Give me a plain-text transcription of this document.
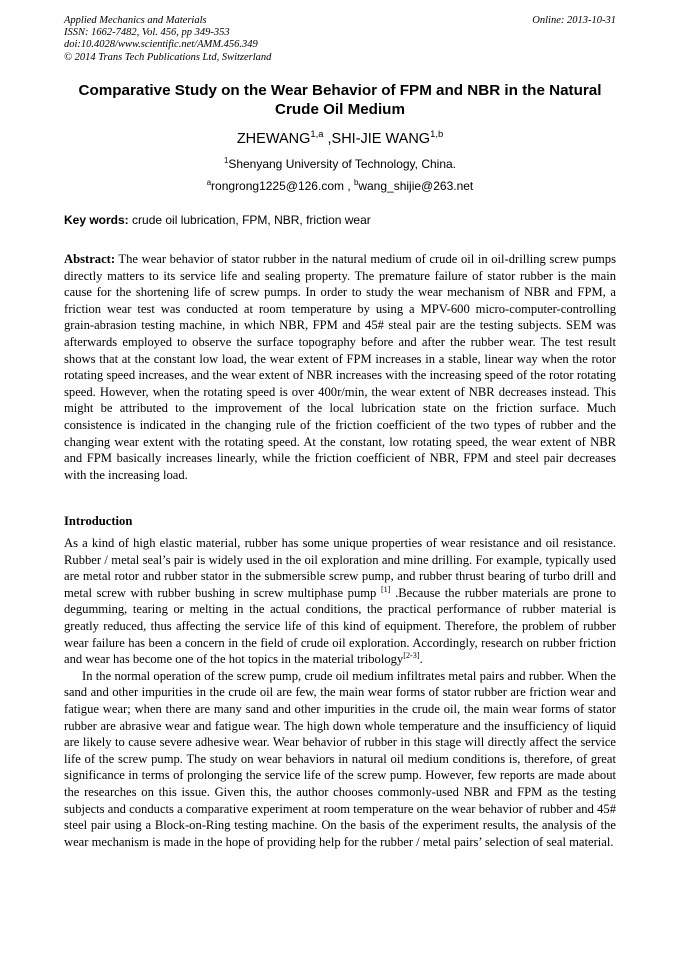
Applied Mechanics and Materials
ISSN: 1662-7482, Vol. 456, pp 349-353
doi:10.4028/www.scientific.net/AMM.456.349
© 2014 Trans Tech Publications Ltd, Switzerland
Online: 2013-10-31
Comparative Study on the Wear Behavior of FPM and NBR in the Natural Crude Oil Medium
ZHEWANG$^{1,a}$ ,SHI-JIE WANG$^{1,b}$
$^1$Shenyang University of Technology, China.
$^a$rongrong1225@126.com , $^b$wang_shijie@263.net
Key words: crude oil lubrication, FPM, NBR, friction wear
Abstract: The wear behavior of stator rubber in the natural medium of crude oil in oil-drilling screw pumps directly matters to its service life and sealing property. The premature failure of stator rubber is the main cause for the shortening life of screw pumps. In order to study the wear mechanism of NBR and FPM, a friction wear test was conducted at room temperature by using a MPV-600 micro-computer-controlling grain-abrasion testing machine, in which NBR, FPM and 45# steal pair are the testing subjects. SEM was afterwards employed to observe the surface topography before and after the rubber wear. The test result shows that at the constant low load, the wear extent of FPM increases in a stable, linear way when the rotor rotating speed increases, and the wear extent of NBR increases with the increasing speed of the rotor rotating speed. However, when the rotating speed is over 400r/min, the wear extent of NBR decreases instead. This might be attributed to the improvement of the local lubrication state on the friction surface. Much consistence is indicated in the changing rule of the friction coefficient of the two types of rubber and the changing wear extent with the rotating speed. At the constant, low rotating speed, the wear extent of NBR and FPM basically increases linearly, while the friction coefficient of NBR, FPM and steel pair decreases with the increasing load.
Introduction

As a kind of high elastic material, rubber has some unique properties of wear resistance and oil resistance. Rubber / metal seal’s pair is widely used in the oil exploration and mine drilling. For example, typically used are metal rotor and rubber stator in the submersible screw pump, and rubber thrust bearing of turbo drill and metal screw with rubber bushing in screw multiphase pump [1] .Because the rubber materials are prone to degumming, tearing or melting in the actual conditions, the practical performance of rubber material is greatly reduced, thus affecting the service life of this kind of equipment. Therefore, the problem of rubber wear failure has been a concern in the field of crude oil exploration. Accordingly, research on rubber friction and wear has become one of the hot topics in the material tribology[2-3].

In the normal operation of the screw pump, crude oil medium infiltrates metal pairs and rubber. When the sand and other impurities in the crude oil are few, the main wear forms of stator rubber are friction wear and fatigue wear; when there are many sand and other impurities in the crude oil, the main wear forms of stator rubber are abrasive wear and fatigue wear. The high down whole temperature and the insufficiency of liquid are likely to cause severe adhesive wear. Wear behavior of rubber in this stage will directly affect the service life of the screw pump. The study on wear behaviors in natural oil medium conditions is, therefore, of great significance in terms of prolonging the service life of the screw pump. However, few reports are made about the researches on this issue. Given this, the author chooses commonly-used NBR and FPM as the testing subjects and conducts a comparative experiment at room temperature on the wear behavior of rubber and 45# steel pair using a Block-on-Ring testing machine. On the basis of the experiment results, the analysis of the wear mechanism is made in the hope of providing help for the rubber / metal pairs’ selection of seal material.
